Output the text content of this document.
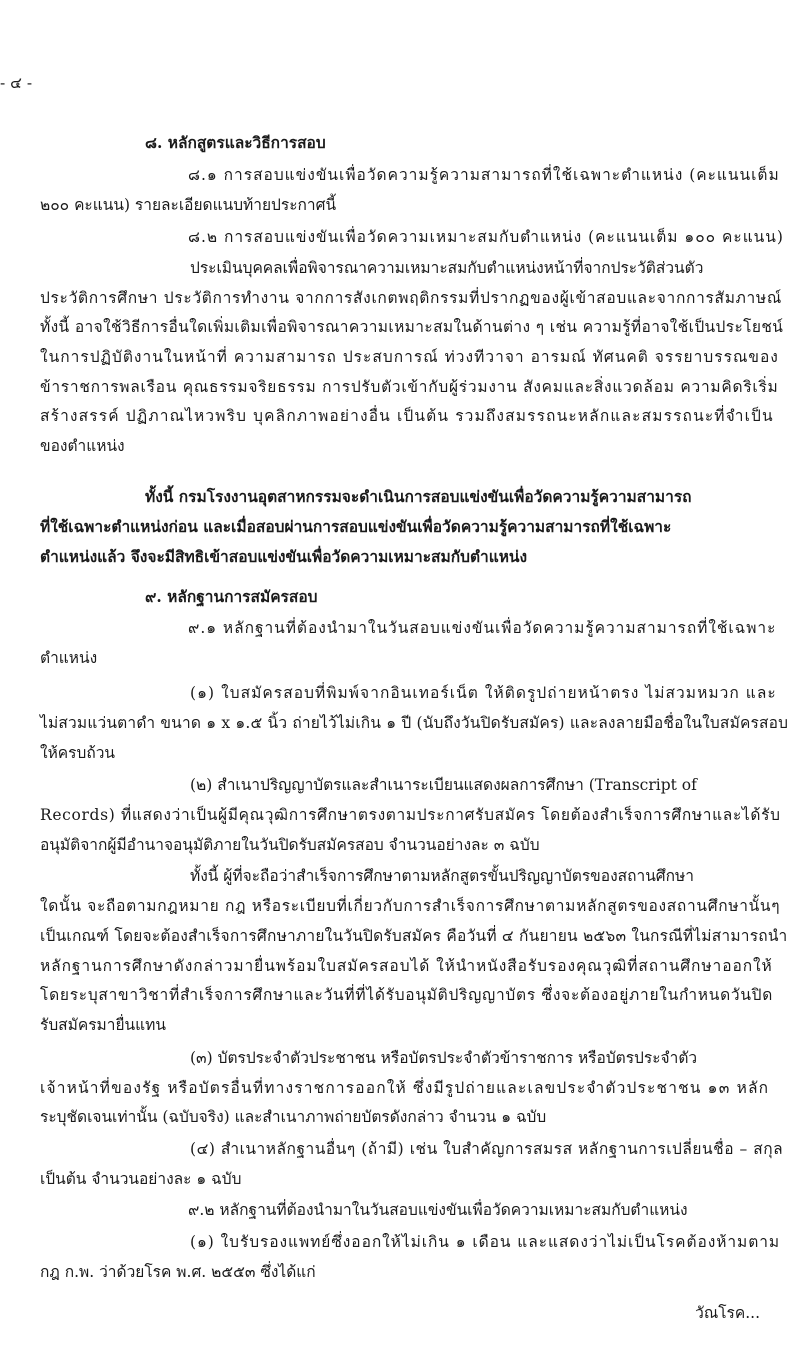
- ๔ -
๘. หลักสูตรและวิธีการสอบ
๘.๑ การสอบแข่งขันเพื่อวัดความรู้ความสามารถที่ใช้เฉพาะตำแหน่ง (คะแนนเต็ม
๒๐๐ คะแนน) รายละเอียดแนบท้ายประกาศนี้
๘.๒ การสอบแข่งขันเพื่อวัดความเหมาะสมกับตำแหน่ง (คะแนนเต็ม ๑๐๐ คะแนน)
ประเมินบุคคลเพื่อพิจารณาความเหมาะสมกับตำแหน่งหน้าที่จากประวัติส่วนตัว
ประวัติการศึกษา ประวัติการทำงาน จากการสังเกตพฤติกรรมที่ปรากฏของผู้เข้าสอบและจากการสัมภาษณ์
ทั้งนี้ อาจใช้วิธีการอื่นใดเพิ่มเติมเพื่อพิจารณาความเหมาะสมในด้านต่าง ๆ เช่น ความรู้ที่อาจใช้เป็นประโยชน์
ในการปฏิบัติงานในหน้าที่ ความสามารถ ประสบการณ์ ท่วงทีวาจา อารมณ์ ทัศนคติ จรรยาบรรณของ
ข้าราชการพลเรือน คุณธรรมจริยธรรม การปรับตัวเข้ากับผู้ร่วมงาน สังคมและสิ่งแวดล้อม ความคิดริเริ่ม
สร้างสรรค์ ปฏิภาณไหวพริบ บุคลิกภาพอย่างอื่น เป็นต้น รวมถึงสมรรถนะหลักและสมรรถนะที่จำเป็น
ของตำแหน่ง
ทั้งนี้ กรมโรงงานอุตสาหกรรมจะดำเนินการสอบแข่งขันเพื่อวัดความรู้ความสามารถ
ที่ใช้เฉพาะตำแหน่งก่อน และเมื่อสอบผ่านการสอบแข่งขันเพื่อวัดความรู้ความสามารถที่ใช้เฉพาะ
ตำแหน่งแล้ว จึงจะมีสิทธิเข้าสอบแข่งขันเพื่อวัดความเหมาะสมกับตำแหน่ง
๙. หลักฐานการสมัครสอบ
๙.๑ หลักฐานที่ต้องนำมาในวันสอบแข่งขันเพื่อวัดความรู้ความสามารถที่ใช้เฉพาะ
ตำแหน่ง
(๑) ใบสมัครสอบที่พิมพ์จากอินเทอร์เน็ต ให้ติดรูปถ่ายหน้าตรง ไม่สวมหมวก และ
ไม่สวมแว่นตาดำ ขนาด ๑ x ๑.๕ นิ้ว ถ่ายไว้ไม่เกิน ๑ ปี (นับถึงวันปิดรับสมัคร) และลงลายมือชื่อในใบสมัครสอบ
ให้ครบถ้วน
(๒) สำเนาปริญญาบัตรและสำเนาระเบียนแสดงผลการศึกษา (Transcript of
Records) ที่แสดงว่าเป็นผู้มีคุณวุฒิการศึกษาตรงตามประกาศรับสมัคร โดยต้องสำเร็จการศึกษาและได้รับ
อนุมัติจากผู้มีอำนาจอนุมัติภายในวันปิดรับสมัครสอบ จำนวนอย่างละ ๓ ฉบับ
ทั้งนี้ ผู้ที่จะถือว่าสำเร็จการศึกษาตามหลักสูตรขั้นปริญญาบัตรของสถานศึกษา
ใดนั้น จะถือตามกฎหมาย กฎ หรือระเบียบที่เกี่ยวกับการสำเร็จการศึกษาตามหลักสูตรของสถานศึกษานั้นๆ
เป็นเกณฑ์ โดยจะต้องสำเร็จการศึกษาภายในวันปิดรับสมัคร คือวันที่ ๔ กันยายน ๒๕๖๓ ในกรณีที่ไม่สามารถนำ
หลักฐานการศึกษาดังกล่าวมายื่นพร้อมใบสมัครสอบได้ ให้นำหนังสือรับรองคุณวุฒิที่สถานศึกษาออกให้
โดยระบุสาขาวิชาที่สำเร็จการศึกษาและวันที่ที่ได้รับอนุมัติปริญญาบัตร ซึ่งจะต้องอยู่ภายในกำหนดวันปิด
รับสมัครมายื่นแทน
(๓) บัตรประจำตัวประชาชน หรือบัตรประจำตัวข้าราชการ หรือบัตรประจำตัว
เจ้าหน้าที่ของรัฐ หรือบัตรอื่นที่ทางราชการออกให้ ซึ่งมีรูปถ่ายและเลขประจำตัวประชาชน ๑๓ หลัก
ระบุชัดเจนเท่านั้น (ฉบับจริง) และสำเนาภาพถ่ายบัตรดังกล่าว จำนวน ๑ ฉบับ
(๔) สำเนาหลักฐานอื่นๆ (ถ้ามี) เช่น ใบสำคัญการสมรส หลักฐานการเปลี่ยนชื่อ – สกุล
เป็นต้น จำนวนอย่างละ ๑ ฉบับ
๙.๒ หลักฐานที่ต้องนำมาในวันสอบแข่งขันเพื่อวัดความเหมาะสมกับตำแหน่ง
(๑) ใบรับรองแพทย์ซึ่งออกให้ไม่เกิน ๑ เดือน และแสดงว่าไม่เป็นโรคต้องห้ามตาม
กฎ ก.พ. ว่าด้วยโรค พ.ศ. ๒๕๕๓ ซึ่งได้แก่
วัณโรค...
